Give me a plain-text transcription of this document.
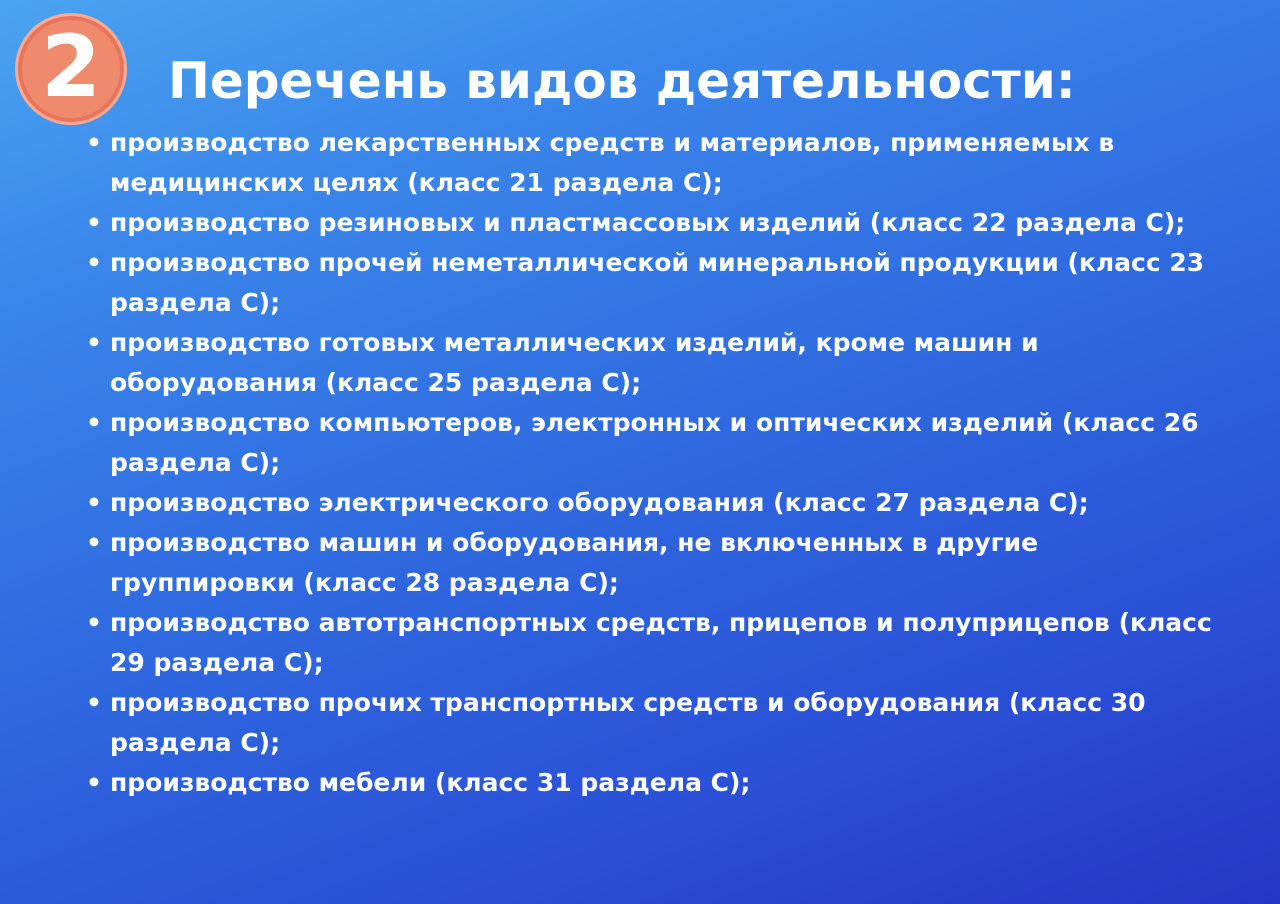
2 Перечень видов деятельности:
• производство лекарственных средств и материалов, применяемых в медицинских целях (класс 21 раздела С);
• производство резиновых и пластмассовых изделий (класс 22 раздела С);
• производство прочей неметаллической минеральной продукции (класс 23 раздела С);
• производство готовых металлических изделий, кроме машин и оборудования (класс 25 раздела С);
• производство компьютеров, электронных и оптических изделий (класс 26 раздела С);
• производство электрического оборудования (класс 27 раздела С);
• производство машин и оборудования, не включенных в другие группировки (класс 28 раздела С);
• производство автотранспортных средств, прицепов и полуприцепов (класс 29 раздела С);
• производство прочих транспортных средств и оборудования (класс 30 раздела С);
• производство мебели (класс 31 раздела С);
